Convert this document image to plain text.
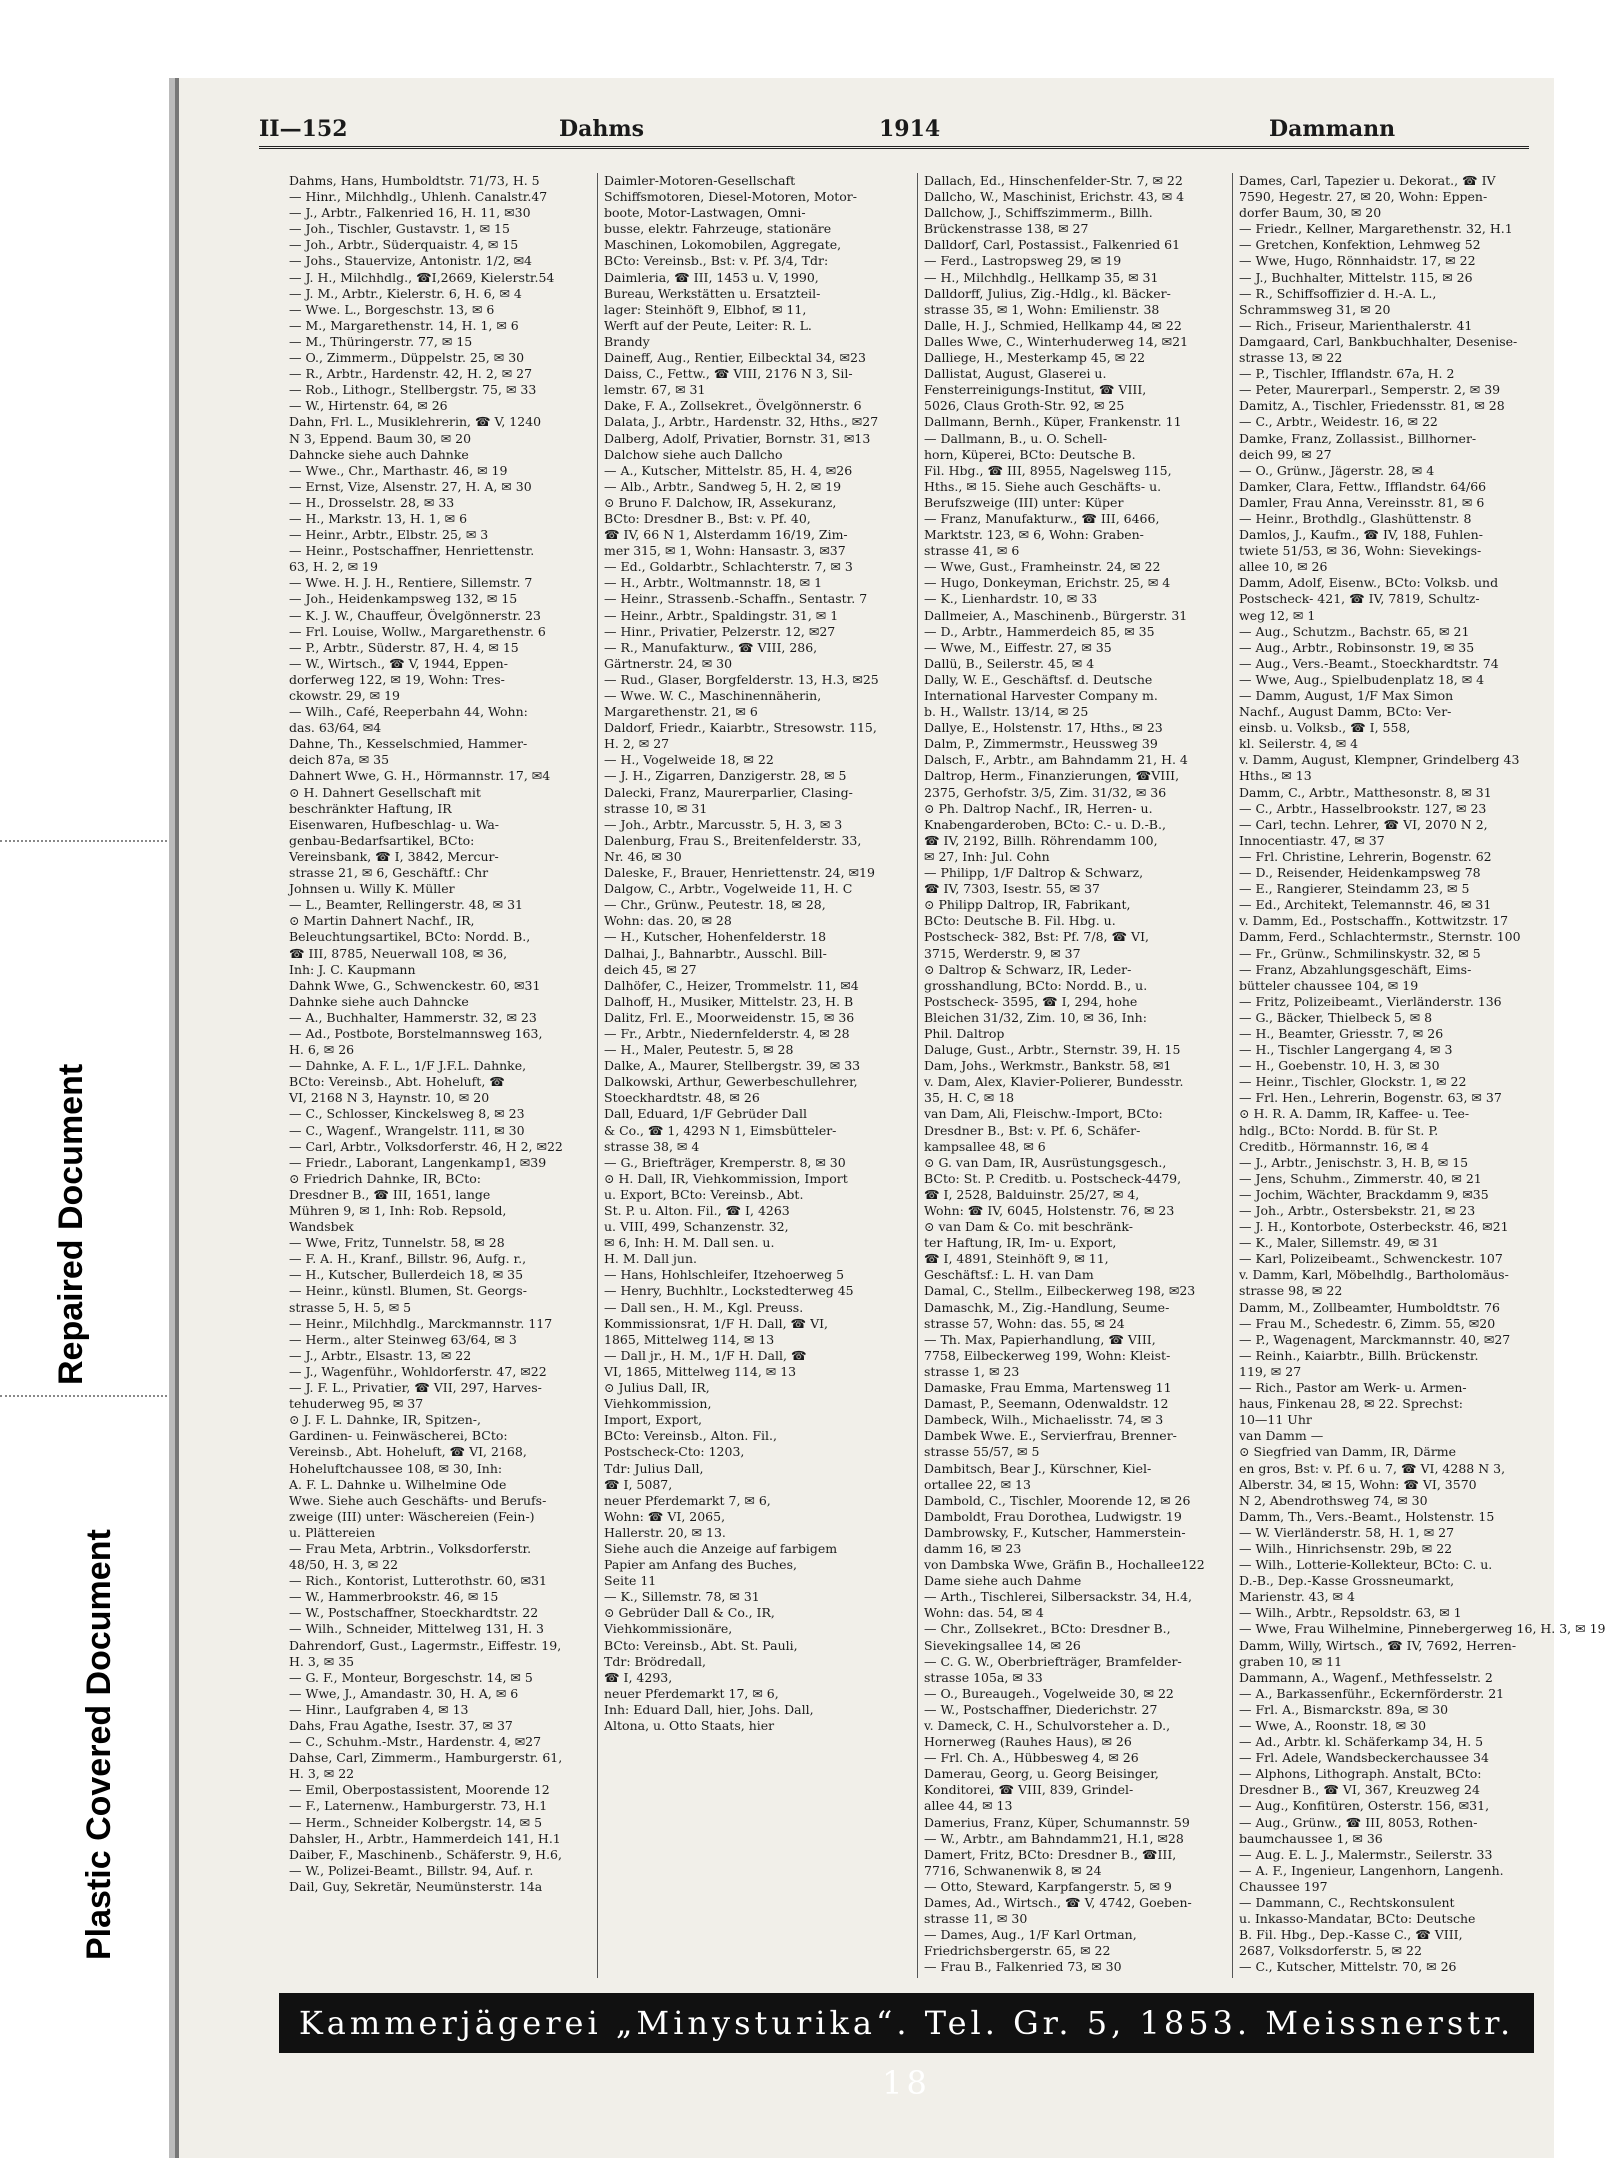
Repaired Document
Plastic Covered Document
II—152	Dahms	1914	Dammann
Dahms, Hans, Humboldtstr. 71/73, H. 5
— Hinr., Milchhdlg., Uhlenh. Canalstr.47
— J., Arbtr., Falkenried 16, H. 11, ✉30
— Joh., Tischler, Gustavstr. 1, ✉ 15
— Joh., Arbtr., Süderquaistr. 4, ✉ 15
— Johs., Stauervize, Antonistr. 1/2, ✉4
— J. H., Milchhdlg., ☎I,2669, Kielerstr.54
— J. M., Arbtr., Kielerstr. 6, H. 6, ✉ 4
— Wwe. L., Borgeschstr. 13, ✉ 6
— M., Margarethenstr. 14, H. 1, ✉ 6
— M., Thüringerstr. 77, ✉ 15
— O., Zimmerm., Düppelstr. 25, ✉ 30
— R., Arbtr., Hardenstr. 42, H. 2, ✉ 27
— Rob., Lithogr., Stellbergstr. 75, ✉ 33
— W., Hirtenstr. 64, ✉ 26
Dahn, Frl. L., Musiklehrerin, ☎ V, 1240
N 3, Eppend. Baum 30, ✉ 20
Dahncke siehe auch Dahnke
— Wwe., Chr., Marthastr. 46, ✉ 19
— Ernst, Vize, Alsenstr. 27, H. A, ✉ 30
— H., Drosselstr. 28, ✉ 33
— H., Markstr. 13, H. 1, ✉ 6
— Heinr., Arbtr., Elbstr. 25, ✉ 3
— Heinr., Postschaffner, Henriettenstr.
63, H. 2, ✉ 19
— Wwe. H. J. H., Rentiere, Sillemstr. 7
— Joh., Heidenkampsweg 132, ✉ 15
— K. J. W., Chauffeur, Övelgönnerstr. 23
— Frl. Louise, Wollw., Margarethenstr. 6
— P., Arbtr., Süderstr. 87, H. 4, ✉ 15
— W., Wirtsch., ☎ V, 1944, Eppen-
dorferweg 122, ✉ 19, Wohn: Tres-
ckowstr. 29, ✉ 19
— Wilh., Café, Reeperbahn 44, Wohn:
das. 63/64, ✉4
Dahne, Th., Kesselschmied, Hammer-
deich 87a, ✉ 35
Dahnert Wwe, G. H., Hörmannstr. 17, ✉4
⊙ H. Dahnert Gesellschaft mit
beschränkter Haftung, IR
Eisenwaren, Hufbeschlag- u. Wa-
genbau-Bedarfsartikel, BCto:
Vereinsbank, ☎ I, 3842, Mercur-
strasse 21, ✉ 6, Geschäftf.: Chr
Johnsen u. Willy K. Müller
— L., Beamter, Rellingerstr. 48, ✉ 31
⊙ Martin Dahnert Nachf., IR,
Beleuchtungsartikel, BCto: Nordd. B.,
☎ III, 8785, Neuerwall 108, ✉ 36,
Inh: J. C. Kaupmann
Dahnk Wwe, G., Schwenckestr. 60, ✉31
Dahnke siehe auch Dahncke
— A., Buchhalter, Hammerstr. 32, ✉ 23
— Ad., Postbote, Borstelmannsweg 163,
H. 6, ✉ 26
— Dahnke, A. F. L., 1/F J.F.L. Dahnke,
BCto: Vereinsb., Abt. Hoheluft, ☎
VI, 2168 N 3, Haynstr. 10, ✉ 20
— C., Schlosser, Kinckelsweg 8, ✉ 23
— C., Wagenf., Wrangelstr. 111, ✉ 30
— Carl, Arbtr., Volksdorferstr. 46, H 2, ✉22
— Friedr., Laborant, Langenkamp1, ✉39
⊙ Friedrich Dahnke, IR, BCto:
Dresdner B., ☎ III, 1651, lange
Mühren 9, ✉ 1, Inh: Rob. Repsold,
Wandsbek
— Wwe, Fritz, Tunnelstr. 58, ✉ 28
— F. A. H., Kranf., Billstr. 96, Aufg. r.,
— H., Kutscher, Bullerdeich 18, ✉ 35
— Heinr., künstl. Blumen, St. Georgs-
strasse 5, H. 5, ✉ 5
— Heinr., Milchhdlg., Marckmannstr. 117
— Herm., alter Steinweg 63/64, ✉ 3
— J., Arbtr., Elsastr. 13, ✉ 22
— J., Wagenführ., Wohldorferstr. 47, ✉22
— J. F. L., Privatier, ☎ VII, 297, Harves-
tehuderweg 95, ✉ 37
⊙ J. F. L. Dahnke, IR, Spitzen-,
Gardinen- u. Feinwäscherei, BCto:
Vereinsb., Abt. Hoheluft, ☎ VI, 2168,
Hoheluftchaussee 108, ✉ 30, Inh:
A. F. L. Dahnke u. Wilhelmine Ode
Wwe. Siehe auch Geschäfts- und Berufs-
zweige (III) unter: Wäschereien (Fein-)
u. Plättereien
— Frau Meta, Arbtrin., Volksdorferstr.
48/50, H. 3, ✉ 22
— Rich., Kontorist, Lutterothstr. 60, ✉31
— W., Hammerbrookstr. 46, ✉ 15
— W., Postschaffner, Stoeckhardtstr. 22
— Wilh., Schneider, Mittelweg 131, H. 3
Dahrendorf, Gust., Lagermstr., Eiffestr. 19,
H. 3, ✉ 35
— G. F., Monteur, Borgeschstr. 14, ✉ 5
— Wwe, J., Amandastr. 30, H. A, ✉ 6
— Hinr., Laufgraben 4, ✉ 13
Dahs, Frau Agathe, Isestr. 37, ✉ 37
— C., Schuhm.-Mstr., Hardenstr. 4, ✉27
Dahse, Carl, Zimmerm., Hamburgerstr. 61,
H. 3, ✉ 22
— Emil, Oberpostassistent, Moorende 12
— F., Laternenw., Hamburgerstr. 73, H.1
— Herm., Schneider Kolbergstr. 14, ✉ 5
Dahsler, H., Arbtr., Hammerdeich 141, H.1
Daiber, F., Maschinenb., Schäferstr. 9, H.6,
— W., Polizei-Beamt., Billstr. 94, Auf. r.
Dail, Guy, Sekretär, Neumünsterstr. 14a
Daimler-Motoren-Gesellschaft
Schiffsmotoren, Diesel-Motoren, Motor-
boote, Motor-Lastwagen, Omni-
busse, elektr. Fahrzeuge, stationäre
Maschinen, Lokomobilen, Aggregate,
BCto: Vereinsb., Bst: v. Pf. 3/4, Tdr:
Daimleria, ☎ III, 1453 u. V, 1990,
Bureau, Werkstätten u. Ersatzteil-
lager: Steinhöft 9, Elbhof, ✉ 11,
Werft auf der Peute, Leiter: R. L.
Brandy
Daineff, Aug., Rentier, Eilbecktal 34, ✉23
Daiss, C., Fettw., ☎ VIII, 2176 N 3, Sil-
lemstr. 67, ✉ 31
Dake, F. A., Zollsekret., Övelgönnerstr. 6
Dalata, J., Arbtr., Hardenstr. 32, Hths., ✉27
Dalberg, Adolf, Privatier, Bornstr. 31, ✉13
Dalchow siehe auch Dallcho
— A., Kutscher, Mittelstr. 85, H. 4, ✉26
— Alb., Arbtr., Sandweg 5, H. 2, ✉ 19
⊙ Bruno F. Dalchow, IR, Assekuranz,
BCto: Dresdner B., Bst: v. Pf. 40,
☎ IV, 66 N 1, Alsterdamm 16/19, Zim-
mer 315, ✉ 1, Wohn: Hansastr. 3, ✉37
— Ed., Goldarbtr., Schlachterstr. 7, ✉ 3
— H., Arbtr., Woltmannstr. 18, ✉ 1
— Heinr., Strassenb.-Schaffn., Sentastr. 7
— Heinr., Arbtr., Spaldingstr. 31, ✉ 1
— Hinr., Privatier, Pelzerstr. 12, ✉27
— R., Manufakturw., ☎ VIII, 286,
Gärtnerstr. 24, ✉ 30
— Rud., Glaser, Borgfelderstr. 13, H.3, ✉25
— Wwe. W. C., Maschinennäherin,
Margarethenstr. 21, ✉ 6
Daldorf, Friedr., Kaiarbtr., Stresowstr. 115,
H. 2, ✉ 27
— H., Vogelweide 18, ✉ 22
— J. H., Zigarren, Danzigerstr. 28, ✉ 5
Dalecki, Franz, Maurerparlier, Clasing-
strasse 10, ✉ 31
— Joh., Arbtr., Marcusstr. 5, H. 3, ✉ 3
Dalenburg, Frau S., Breitenfelderstr. 33,
Nr. 46, ✉ 30
Daleske, F., Brauer, Henriettenstr. 24, ✉19
Dalgow, C., Arbtr., Vogelweide 11, H. C
— Chr., Grünw., Peutestr. 18, ✉ 28,
Wohn: das. 20, ✉ 28
— H., Kutscher, Hohenfelderstr. 18
Dalhai, J., Bahnarbtr., Ausschl. Bill-
deich 45, ✉ 27
Dalhöfer, C., Heizer, Trommelstr. 11, ✉4
Dalhoff, H., Musiker, Mittelstr. 23, H. B
Dalitz, Frl. E., Moorweidenstr. 15, ✉ 36
— Fr., Arbtr., Niedernfelderstr. 4, ✉ 28
— H., Maler, Peutestr. 5, ✉ 28
Dalke, A., Maurer, Stellbergstr. 39, ✉ 33
Dalkowski, Arthur, Gewerbeschullehrer,
Stoeckhardtstr. 48, ✉ 26
Dall, Eduard, 1/F Gebrüder Dall
& Co., ☎ 1, 4293 N 1, Eimsbütteler-
strasse 38, ✉ 4
— G., Briefträger, Kremperstr. 8, ✉ 30
⊙ H. Dall, IR, Viehkommission, Import
u. Export, BCto: Vereinsb., Abt.
St. P. u. Alton. Fil., ☎ I, 4263
u. VIII, 499, Schanzenstr. 32,
✉ 6, Inh: H. M. Dall sen. u.
H. M. Dall jun.
— Hans, Hohlschleifer, Itzehoerweg 5
— Henry, Buchhltr., Lockstedterweg 45
— Dall sen., H. M., Kgl. Preuss.
Kommissionsrat, 1/F H. Dall, ☎ VI,
1865, Mittelweg 114, ✉ 13
— Dall jr., H. M., 1/F H. Dall, ☎
VI, 1865, Mittelweg 114, ✉ 13
⊙ Julius Dall, IR,
Viehkommission,
Import, Export,
BCto: Vereinsb., Alton. Fil.,
Postscheck-Cto: 1203,
Tdr: Julius Dall,
☎ I, 5087,
neuer Pferdemarkt 7, ✉ 6,
Wohn: ☎ VI, 2065,
Hallerstr. 20, ✉ 13.
Siehe auch die Anzeige auf farbigem
Papier am Anfang des Buches,
Seite 11
— K., Sillemstr. 78, ✉ 31
⊙ Gebrüder Dall & Co., IR,
Viehkommissionäre,
BCto: Vereinsb., Abt. St. Pauli,
Tdr: Brödredall,
☎ I, 4293,
neuer Pferdemarkt 17, ✉ 6,
Inh: Eduard Dall, hier, Johs. Dall,
Altona, u. Otto Staats, hier
Dallach, Ed., Hinschenfelder-Str. 7, ✉ 22
Dallcho, W., Maschinist, Erichstr. 43, ✉ 4
Dallchow, J., Schiffszimmerm., Billh.
Brückenstrasse 138, ✉ 27
Dalldorf, Carl, Postassist., Falkenried 61
— Ferd., Lastropsweg 29, ✉ 19
— H., Milchhdlg., Hellkamp 35, ✉ 31
Dalldorff, Julius, Zig.-Hdlg., kl. Bäcker-
strasse 35, ✉ 1, Wohn: Emilienstr. 38
Dalle, H. J., Schmied, Hellkamp 44, ✉ 22
Dalles Wwe, C., Winterhuderweg 14, ✉21
Dalliege, H., Mesterkamp 45, ✉ 22
Dallistat, August, Glaserei u.
Fensterreinigungs-Institut, ☎ VIII,
5026, Claus Groth-Str. 92, ✉ 25
Dallmann, Bernh., Küper, Frankenstr. 11
— Dallmann, B., u. O. Schell-
horn, Küperei, BCto: Deutsche B.
Fil. Hbg., ☎ III, 8955, Nagelsweg 115,
Hths., ✉ 15. Siehe auch Geschäfts- u.
Berufszweige (III) unter: Küper
— Franz, Manufakturw., ☎ III, 6466,
Marktstr. 123, ✉ 6, Wohn: Graben-
strasse 41, ✉ 6
— Wwe, Gust., Framheinstr. 24, ✉ 22
— Hugo, Donkeyman, Erichstr. 25, ✉ 4
— K., Lienhardstr. 10, ✉ 33
Dallmeier, A., Maschinenb., Bürgerstr. 31
— D., Arbtr., Hammerdeich 85, ✉ 35
— Wwe, M., Eiffestr. 27, ✉ 35
Dallü, B., Seilerstr. 45, ✉ 4
Dally, W. E., Geschäftsf. d. Deutsche
International Harvester Company m.
b. H., Wallstr. 13/14, ✉ 25
Dallye, E., Holstenstr. 17, Hths., ✉ 23
Dalm, P., Zimmermstr., Heussweg 39
Dalsch, F., Arbtr., am Bahndamm 21, H. 4
Daltrop, Herm., Finanzierungen, ☎VIII,
2375, Gerhofstr. 3/5, Zim. 31/32, ✉ 36
⊙ Ph. Daltrop Nachf., IR, Herren- u.
Knabengarderoben, BCto: C.- u. D.-B.,
☎ IV, 2192, Billh. Röhrendamm 100,
✉ 27, Inh: Jul. Cohn
— Philipp, 1/F Daltrop & Schwarz,
☎ IV, 7303, Isestr. 55, ✉ 37
⊙ Philipp Daltrop, IR, Fabrikant,
BCto: Deutsche B. Fil. Hbg. u.
Postscheck- 382, Bst: Pf. 7/8, ☎ VI,
3715, Werderstr. 9, ✉ 37
⊙ Daltrop & Schwarz, IR, Leder-
grosshandlung, BCto: Nordd. B., u.
Postscheck- 3595, ☎ I, 294, hohe
Bleichen 31/32, Zim. 10, ✉ 36, Inh:
Phil. Daltrop
Daluge, Gust., Arbtr., Sternstr. 39, H. 15
Dam, Johs., Werkmstr., Bankstr. 58, ✉1
v. Dam, Alex, Klavier-Polierer, Bundesstr.
35, H. C, ✉ 18
van Dam, Ali, Fleischw.-Import, BCto:
Dresdner B., Bst: v. Pf. 6, Schäfer-
kampsallee 48, ✉ 6
⊙ G. van Dam, IR, Ausrüstungsgesch.,
BCto: St. P. Creditb. u. Postscheck-4479,
☎ I, 2528, Balduinstr. 25/27, ✉ 4,
Wohn: ☎ IV, 6045, Holstenstr. 76, ✉ 23
⊙ van Dam & Co. mit beschränk-
ter Haftung, IR, Im- u. Export,
☎ I, 4891, Steinhöft 9, ✉ 11,
Geschäftsf.: L. H. van Dam
Damal, C., Stellm., Eilbeckerweg 198, ✉23
Damaschk, M., Zig.-Handlung, Seume-
strasse 57, Wohn: das. 55, ✉ 24
— Th. Max, Papierhandlung, ☎ VIII,
7758, Eilbeckerweg 199, Wohn: Kleist-
strasse 1, ✉ 23
Damaske, Frau Emma, Martensweg 11
Damast, P., Seemann, Odenwaldstr. 12
Dambeck, Wilh., Michaelisstr. 74, ✉ 3
Dambek Wwe. E., Servierfrau, Brenner-
strasse 55/57, ✉ 5
Dambitsch, Bear J., Kürschner, Kiel-
ortallee 22, ✉ 13
Dambold, C., Tischler, Moorende 12, ✉ 26
Damboldt, Frau Dorothea, Ludwigstr. 19
Dambrowsky, F., Kutscher, Hammerstein-
damm 16, ✉ 23
von Dambska Wwe, Gräfin B., Hochallee122
Dame siehe auch Dahme
— Arth., Tischlerei, Silbersackstr. 34, H.4,
Wohn: das. 54, ✉ 4
— Chr., Zollsekret., BCto: Dresdner B.,
Sievekingsallee 14, ✉ 26
— C. G. W., Oberbriefträger, Bramfelder-
strasse 105a, ✉ 33
— O., Bureaugeh., Vogelweide 30, ✉ 22
— W., Postschaffner, Diederichstr. 27
v. Dameck, C. H., Schulvorsteher a. D.,
Hornerweg (Rauhes Haus), ✉ 26
— Frl. Ch. A., Hübbesweg 4, ✉ 26
Damerau, Georg, u. Georg Beisinger,
Konditorei, ☎ VIII, 839, Grindel-
allee 44, ✉ 13
Damerius, Franz, Küper, Schumannstr. 59
— W., Arbtr., am Bahndamm21, H.1, ✉28
Damert, Fritz, BCto: Dresdner B., ☎III,
7716, Schwanenwik 8, ✉ 24
— Otto, Steward, Karpfangerstr. 5, ✉ 9
Dames, Ad., Wirtsch., ☎ V, 4742, Goeben-
strasse 11, ✉ 30
— Dames, Aug., 1/F Karl Ortman,
Friedrichsbergerstr. 65, ✉ 22
— Frau B., Falkenried 73, ✉ 30
Dames, Carl, Tapezier u. Dekorat., ☎ IV
7590, Hegestr. 27, ✉ 20, Wohn: Eppen-
dorfer Baum, 30, ✉ 20
— Friedr., Kellner, Margarethenstr. 32, H.1
— Gretchen, Konfektion, Lehmweg 52
— Wwe, Hugo, Rönnhaidstr. 17, ✉ 22
— J., Buchhalter, Mittelstr. 115, ✉ 26
— R., Schiffsoffizier d. H.-A. L.,
Schrammsweg 31, ✉ 20
— Rich., Friseur, Marienthalerstr. 41
Damgaard, Carl, Bankbuchhalter, Desenise-
strasse 13, ✉ 22
— P., Tischler, Ifflandstr. 67a, H. 2
— Peter, Maurerparl., Semperstr. 2, ✉ 39
Damitz, A., Tischler, Friedensstr. 81, ✉ 28
— C., Arbtr., Weidestr. 16, ✉ 22
Damke, Franz, Zollassist., Billhorner-
deich 99, ✉ 27
— O., Grünw., Jägerstr. 28, ✉ 4
Damker, Clara, Fettw., Ifflandstr. 64/66
Damler, Frau Anna, Vereinsstr. 81, ✉ 6
— Heinr., Brothdlg., Glashüttenstr. 8
Damlos, J., Kaufm., ☎ IV, 188, Fuhlen-
twiete 51/53, ✉ 36, Wohn: Sievekings-
allee 10, ✉ 26
Damm, Adolf, Eisenw., BCto: Volksb. und
Postscheck- 421, ☎ IV, 7819, Schultz-
weg 12, ✉ 1
— Aug., Schutzm., Bachstr. 65, ✉ 21
— Aug., Arbtr., Robinsonstr. 19, ✉ 35
— Aug., Vers.-Beamt., Stoeckhardtstr. 74
— Wwe, Aug., Spielbudenplatz 18, ✉ 4
— Damm, August, 1/F Max Simon
Nachf., August Damm, BCto: Ver-
einsb. u. Volksb., ☎ I, 558,
kl. Seilerstr. 4, ✉ 4
v. Damm, August, Klempner, Grindelberg 43
Hths., ✉ 13
Damm, C., Arbtr., Matthesonstr. 8, ✉ 31
— C., Arbtr., Hasselbrookstr. 127, ✉ 23
— Carl, techn. Lehrer, ☎ VI, 2070 N 2,
Innocentiastr. 47, ✉ 37
— Frl. Christine, Lehrerin, Bogenstr. 62
— D., Reisender, Heidenkampsweg 78
— E., Rangierer, Steindamm 23, ✉ 5
— Ed., Architekt, Telemannstr. 46, ✉ 31
v. Damm, Ed., Postschaffn., Kottwitzstr. 17
Damm, Ferd., Schlachtermstr., Sternstr. 100
— Fr., Grünw., Schmilinskystr. 32, ✉ 5
— Franz, Abzahlungsgeschäft, Eims-
bütteler chaussee 104, ✉ 19
— Fritz, Polizeibeamt., Vierländerstr. 136
— G., Bäcker, Thielbeck 5, ✉ 8
— H., Beamter, Griesstr. 7, ✉ 26
— H., Tischler Langergang 4, ✉ 3
— H., Goebenstr. 10, H. 3, ✉ 30
— Heinr., Tischler, Glockstr. 1, ✉ 22
— Frl. Hen., Lehrerin, Bogenstr. 63, ✉ 37
⊙ H. R. A. Damm, IR, Kaffee- u. Tee-
hdlg., BCto: Nordd. B. für St. P.
Creditb., Hörmannstr. 16, ✉ 4
— J., Arbtr., Jenischstr. 3, H. B, ✉ 15
— Jens, Schuhm., Zimmerstr. 40, ✉ 21
— Jochim, Wächter, Brackdamm 9, ✉35
— Joh., Arbtr., Ostersbekstr. 21, ✉ 23
— J. H., Kontorbote, Osterbeckstr. 46, ✉21
— K., Maler, Sillemstr. 49, ✉ 31
— Karl, Polizeibeamt., Schwenckestr. 107
v. Damm, Karl, Möbelhdlg., Bartholomäus-
strasse 98, ✉ 22
Damm, M., Zollbeamter, Humboldtstr. 76
— Frau M., Schedestr. 6, Zimm. 55, ✉20
— P., Wagenagent, Marckmannstr. 40, ✉27
— Reinh., Kaiarbtr., Billh. Brückenstr.
119, ✉ 27
— Rich., Pastor am Werk- u. Armen-
haus, Finkenau 28, ✉ 22. Sprechst:
10—11 Uhr
van Damm —
⊙ Siegfried van Damm, IR, Därme
en gros, Bst: v. Pf. 6 u. 7, ☎ VI, 4288 N 3,
Alberstr. 34, ✉ 15, Wohn: ☎ VI, 3570
N 2, Abendrothsweg 74, ✉ 30
Damm, Th., Vers.-Beamt., Holstenstr. 15
— W. Vierländerstr. 58, H. 1, ✉ 27
— Wilh., Hinrichsenstr. 29b, ✉ 22
— Wilh., Lotterie-Kollekteur, BCto: C. u.
D.-B., Dep.-Kasse Grossneumarkt,
Marienstr. 43, ✉ 4
— Wilh., Arbtr., Repsoldstr. 63, ✉ 1
— Wwe, Frau Wilhelmine, Pinnebergerweg 16, H. 3, ✉ 19
Damm, Willy, Wirtsch., ☎ IV, 7692, Herren-
graben 10, ✉ 11
Dammann, A., Wagenf., Methfesselstr. 2
— A., Barkassenführ., Eckernförderstr. 21
— Frl. A., Bismarckstr. 89a, ✉ 30
— Wwe, A., Roonstr. 18, ✉ 30
— Ad., Arbtr. kl. Schäferkamp 34, H. 5
— Frl. Adele, Wandsbeckerchaussee 34
— Alphons, Lithograph. Anstalt, BCto:
Dresdner B., ☎ VI, 367, Kreuzweg 24
— Aug., Konfitüren, Osterstr. 156, ✉31,
— Aug., Grünw., ☎ III, 8053, Rothen-
baumchaussee 1, ✉ 36
— Aug. E. L. J., Malermstr., Seilerstr. 33
— A. F., Ingenieur, Langenhorn, Langenh.
Chaussee 197
— Dammann, C., Rechtskonsulent
u. Inkasso-Mandatar, BCto: Deutsche
B. Fil. Hbg., Dep.-Kasse C., ☎ VIII,
2687, Volksdorferstr. 5, ✉ 22
— C., Kutscher, Mittelstr. 70, ✉ 26
Kammerjägerei „Minysturika“. Tel. Gr. 5, 1853. Meissnerstr. 18
